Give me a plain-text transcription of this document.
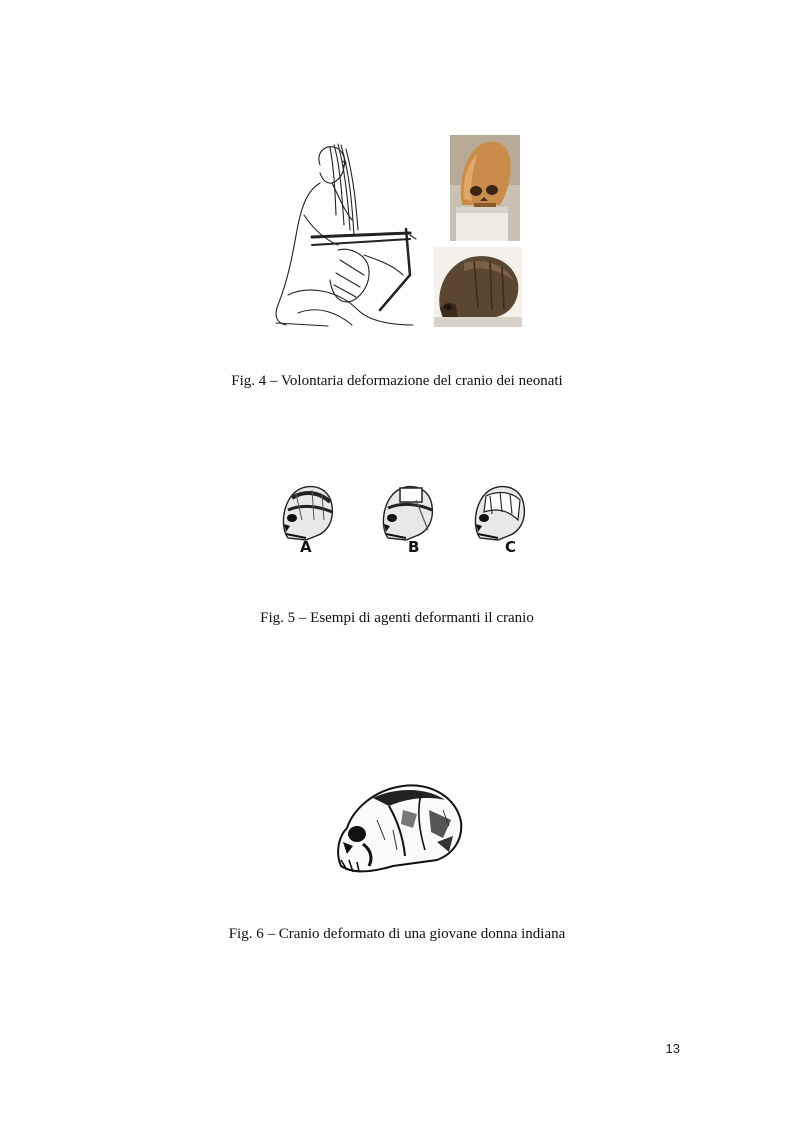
Fig. 4 – Volontaria deformazione del cranio dei neonati
A	B	C
Fig. 5 – Esempi di agenti deformanti il cranio
Fig. 6 – Cranio deformato di una giovane donna indiana
13
